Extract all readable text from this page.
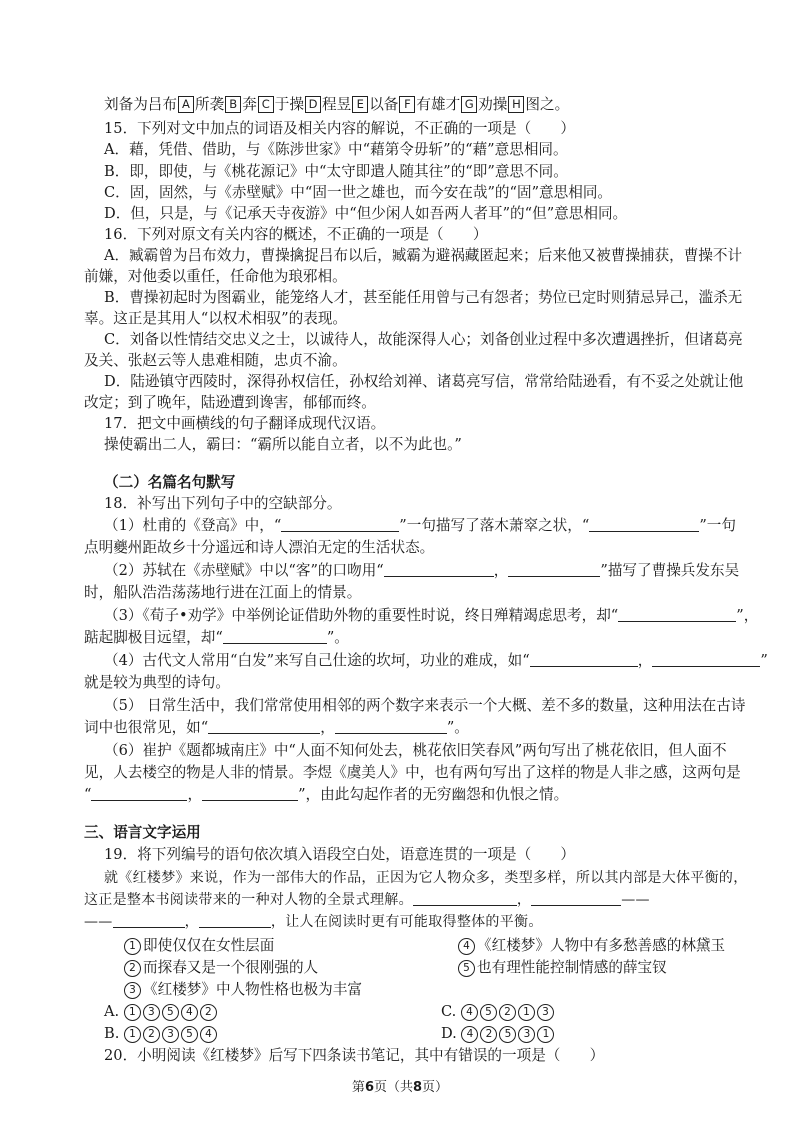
刘备为吕布 A 所袭 B 奔 C 于操 D 程昱 E 以备 F 有雄才 G 劝操 H 图之。
15．下列对文中加点的词语及相关内容的解说，不正确的一项是（　　）
A．藉，凭借、借助，与《陈涉世家》中“藉第令毋斩”的“藉”意思相同。
B．即，即使，与《桃花源记》中“太守即遣人随其往”的“即”意思不同。
C．固，固然，与《赤壁赋》中“固一世之雄也，而今安在哉”的“固”意思相同。
D．但，只是，与《记承天寺夜游》中“但少闲人如吾两人者耳”的“但”意思相同。
16．下列对原文有关内容的概述，不正确的一项是（　　）
A．臧霸曾为吕布效力，曹操擒捉吕布以后，臧霸为避祸藏匿起来；后来他又被曹操捕获，曹操不计
前嫌，对他委以重任，任命他为琅邪相。
B．曹操初起时为图霸业，能笼络人才，甚至能任用曾与己有怨者；势位已定时则猜忌异己，滥杀无
辜。这正是其用人“以权术相驭”的表现。
C．刘备以性情结交忠义之士，以诚待人，故能深得人心；刘备创业过程中多次遭遇挫折，但诸葛亮
及关、张赵云等人患难相随，忠贞不渝。
D．陆逊镇守西陵时，深得孙权信任，孙权给刘禅、诸葛亮写信，常常给陆逊看，有不妥之处就让他
改定；到了晚年，陆逊遭到谗害，郁郁而终。
17．把文中画横线的句子翻译成现代汉语。
操使霸出二人，霸曰：“霸所以能自立者，以不为此也。”
（二）名篇名句默写
18．补写出下列句子中的空缺部分。
（1）杜甫的《登高》中，“	”一句描写了落木萧窣之状，“	”一句
点明夔州距故乡十分遥远和诗人漂泊无定的生活状态。
（2）苏轼在《赤壁赋》中以“客”的口吻用“	，	”描写了曹操兵发东吴
时，船队浩浩荡荡地行进在江面上的情景。
（3）《荀子•劝学》中举例论证借助外物的重要性时说，终日殚精竭虑思考，却“	”，
踮起脚极目远望，却“	”。
（4）古代文人常用“白发”来写自己仕途的坎坷，功业的难成，如“	，	”
就是较为典型的诗句。
（5） 日常生活中，我们常常使用相邻的两个数字来表示一个大概、差不多的数量，这种用法在古诗
词中也很常见，如“	，	”。
（6）崔护《题都城南庄》中“人面不知何处去，桃花依旧笑春风”两句写出了桃花依旧，但人面不
见，人去楼空的物是人非的情景。李煜《虞美人》中，也有两句写出了这样的物是人非之感，这两句是
“	，	”，由此勾起作者的无穷幽怨和仇恨之情。
三、语言文字运用
19．将下列编号的语句依次填入语段空白处，语意连贯的一项是（　　）
就《红楼梦》来说，作为一部伟大的作品，正因为它人物众多，类型多样，所以其内部是大体平衡的，
这正是整本书阅读带来的一种对人物的全景式理解。	，	——
——	，	，让人在阅读时更有可能取得整体的平衡。
1 即使仅仅在女性层面	4 《红楼梦》人物中有多愁善感的林黛玉
2 而探春又是一个很刚强的人	5 也有理性能控制情感的薛宝钗
3 《红楼梦》中人物性格也极为丰富
A. 1 3 5 4 2	C. 4 5 2 1 3
B. 1 2 3 5 4	D. 4 2 5 3 1
20．小明阅读《红楼梦》后写下四条读书笔记，其中有错误的一项是（　　）
第6页（共8页）
